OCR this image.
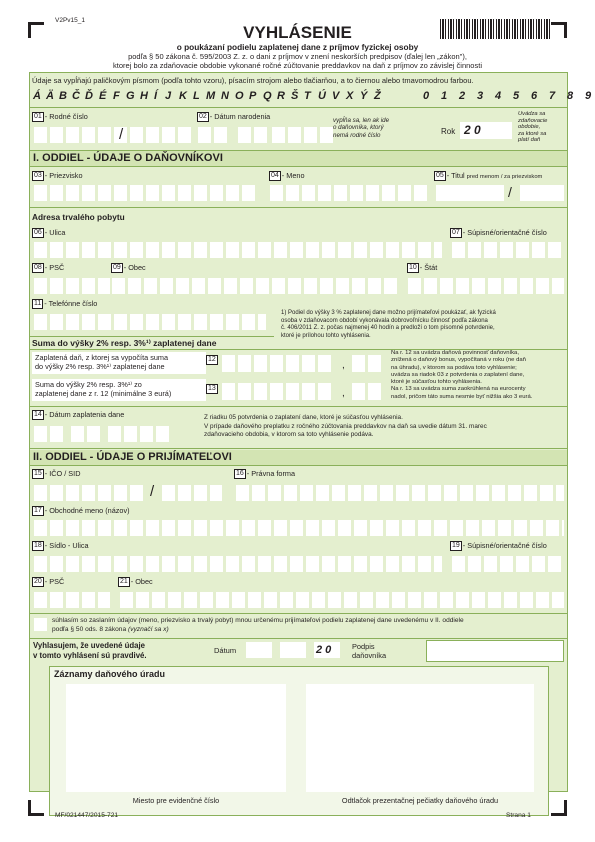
V2Pv15_1
VYHLÁSENIE
o poukázaní podielu zaplatenej dane z príjmov fyzickej osoby
podľa § 50 zákona č. 595/2003 Z. z. o dani z príjmov v znení neskorších predpisov (ďalej len „zákon"),
ktorej bolo za zdaňovacie obdobie vykonané ročné zúčtovanie preddavkov na daň z príjmov zo závislej činnosti
Údaje sa vypĺňajú paličkovým písmom (podľa tohto vzoru), písacím strojom alebo tlačiarňou, a to čiernou alebo tmavomodrou farbou.
Á Ä B Č Ď É F G H Í J K L M N O P Q R Š T Ú V X Ý Ž	0 1 2 3 4 5 6 7 8 9
01 - Rodné číslo
/
02 - Dátum narodenia	vypĺňa sa, len ak ide
o daňovníka, ktorý
nemá rodné číslo	Rok 2 0
Uvádza sa
zdaňovacie
obdobie,
za ktoré sa
platí daň
I. ODDIEL - ÚDAJE O DAŇOVNÍKOVI
03 - Priezvisko	04 - Meno	05 - Titul pred menom / za priezviskom
/
Adresa trvalého pobytu
06 - Ulica	07 - Súpisné/orientačné číslo
08 - PSČ	09 - Obec	10 - Štát
11 - Telefónne číslo
1) Podiel do výšky 3 % zaplatenej dane možno prijímateľovi poukázať, ak fyzická
osoba v zdaňovacom období vykonávala dobrovoľnícku činnosť podľa zákona
č. 406/2011 Z. z. počas najmenej 40 hodín a predloží o tom písomné potvrdenie,
ktoré je prílohou tohto vyhlásenia.
Suma do výšky 2% resp. 3%¹⁾ zaplatenej dane
Zaplatená daň, z ktorej sa vypočíta suma
do výšky 2% resp. 3%¹⁾ zaplatenej dane
12
,
Suma do výšky 2% resp. 3%¹⁾ zo
zaplatenej dane z r. 12 (minimálne 3 eurá)
13	,
Na r. 12 sa uvádza daňová povinnosť daňovníka,
znížená o daňový bonus, vypočítaná v roku (ne daň
na úhradu), v ktorom sa podáva toto vyhlásenie;
uvádza sa riadok 03 z potvrdenia o zaplatení dane,
ktoré je súčasťou tohto vyhlásenia.
Na r. 13 sa uvádza suma zaokrúhlená na eurocenty
nadol, pričom táto suma nesmie byť nižšia ako 3 eurá.
14 - Dátum zaplatenia dane	Z riadku 05 potvrdenia o zaplatení dane, ktoré je súčasťou vyhlásenia.
V prípade daňového preplatku z ročného zúčtovania preddavkov na daň sa uvedie dátum 31. marec
zdaňovacieho obdobia, v ktorom sa toto vyhlásenie podáva.
II. ODDIEL - ÚDAJE O PRIJÍMATEĽOVI
15 - IČO / SID
/
16 - Právna forma
17 - Obchodné meno (názov)
18 - Sídlo - Ulica	19 - Súpisné/orientačné číslo
20 - PSČ	21 - Obec
súhlasím so zaslaním údajov (meno, priezvisko a trvalý pobyt) mnou určenému prijímateľovi podielu zaplatenej dane uvedenému v II. oddiele
podľa § 50 ods. 8 zákona (vyznačí sa x)
Vyhlasujem, že uvedené údaje
v tomto vyhlásení sú pravdivé.	Dátum	2 0	Podpis
daňovníka
Záznamy daňového úradu
Miesto pre evidenčné číslo	Odtlačok prezentačnej pečiatky daňového úradu
MF/021447/2015-721	Strana 1
